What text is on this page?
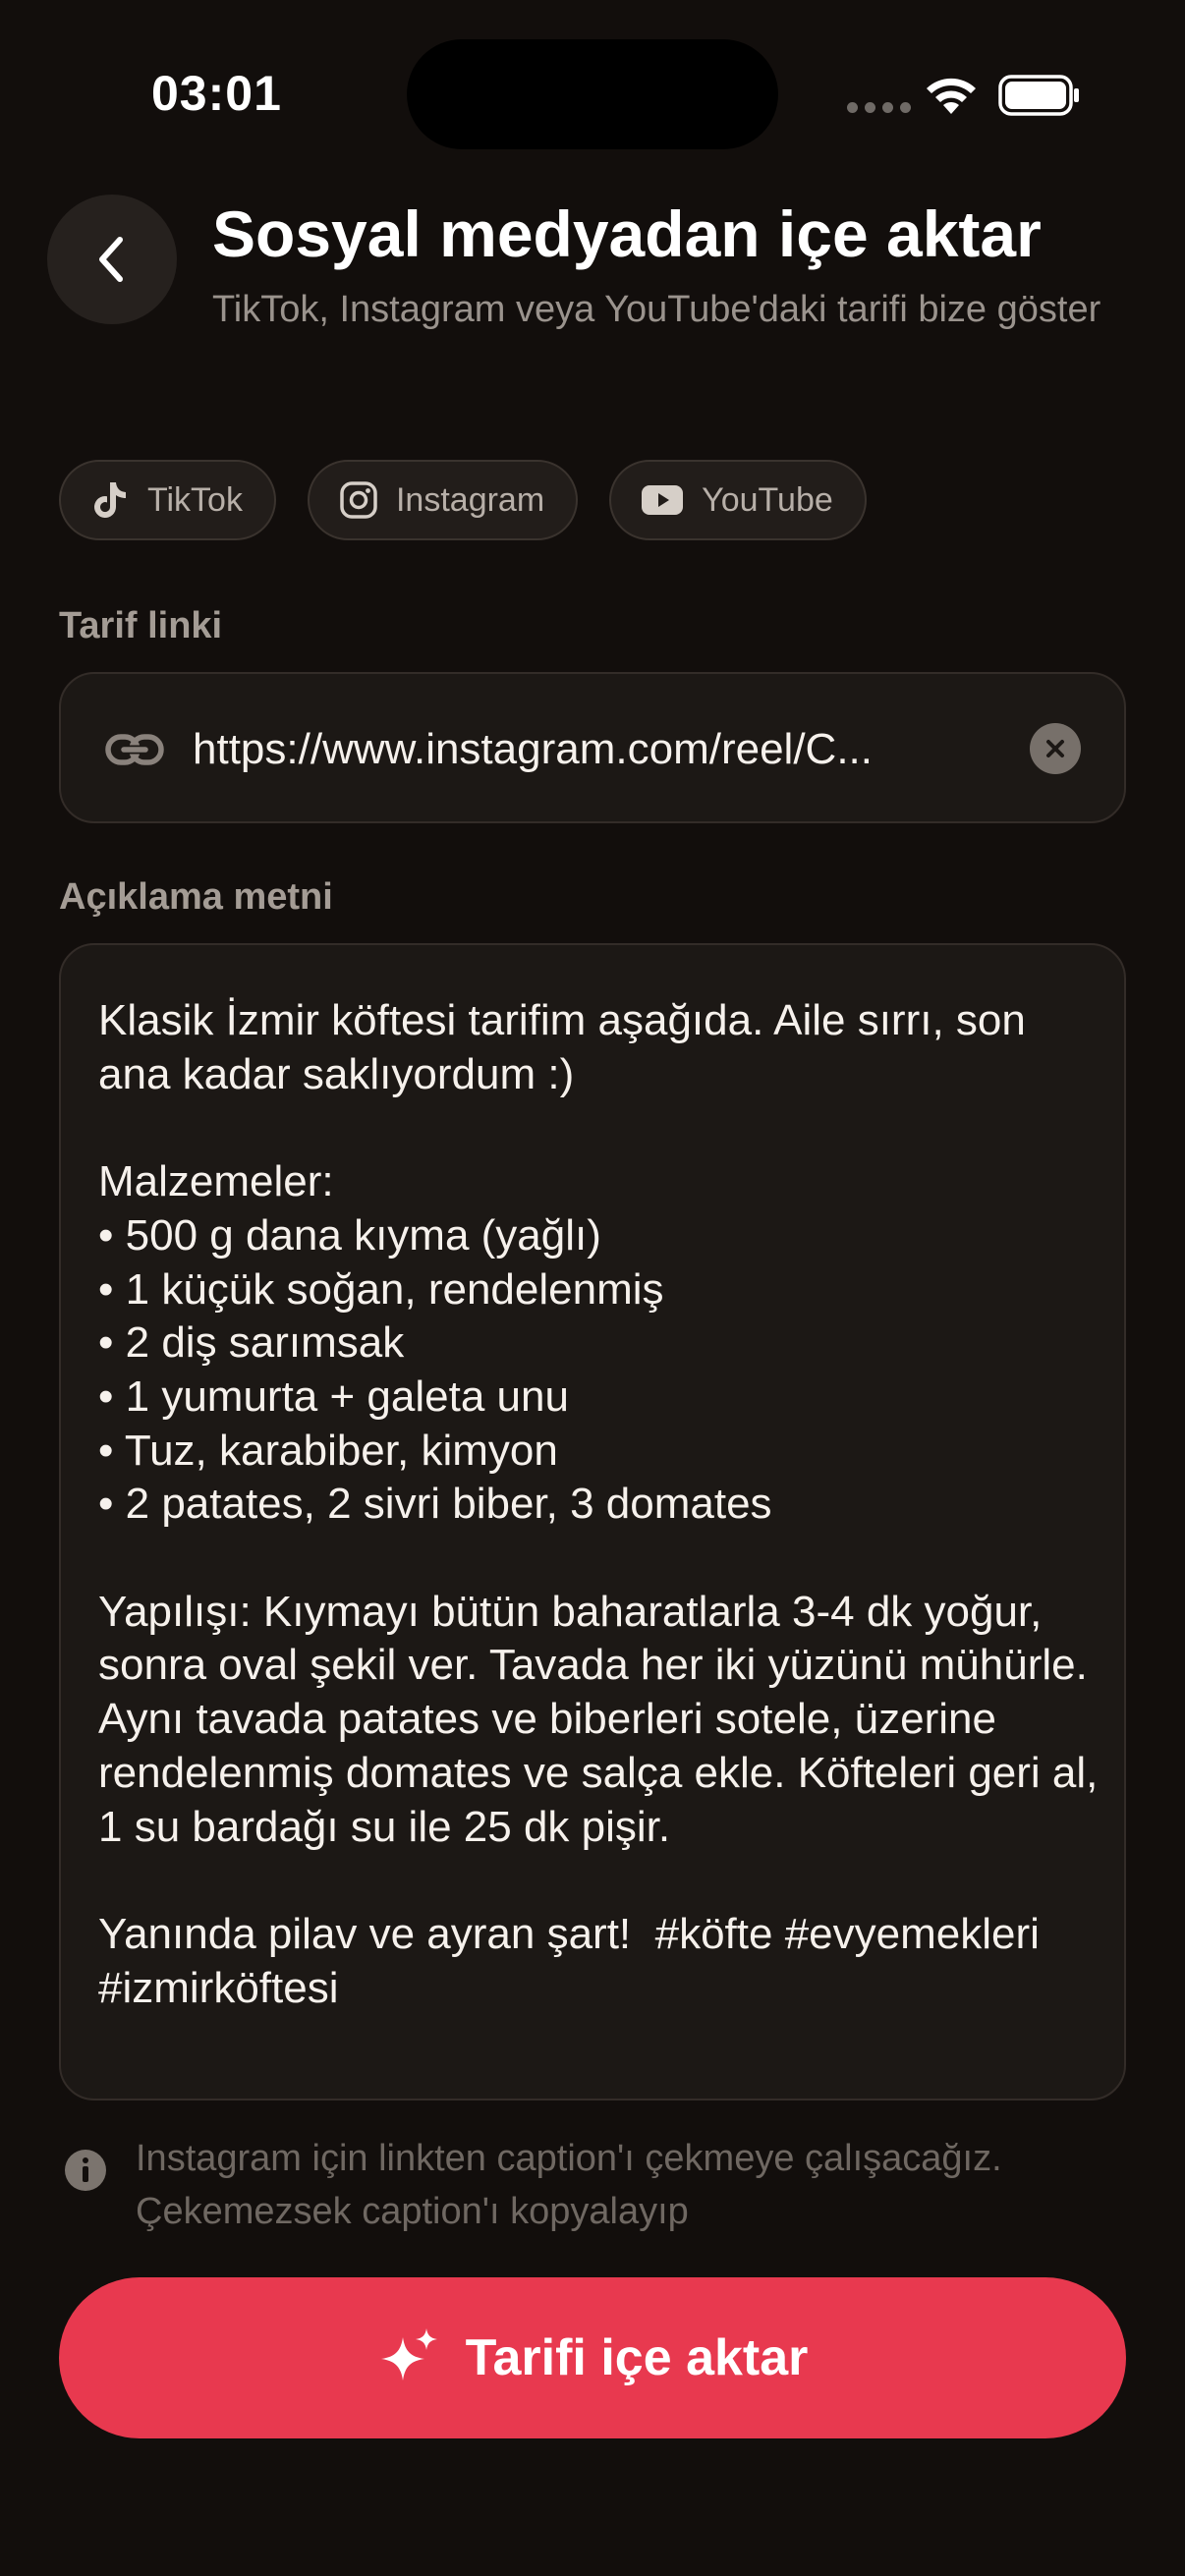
03:01
Sosyal medyadan içe aktar
TikTok, Instagram veya YouTube'daki tarifi bize göster
TikTok	Instagram	YouTube
Tarif linki
https://www.instagram.com/reel/C...
Açıklama metni

Klasik İzmir köftesi tarifim aşağıda. Aile sırrı, son ana kadar saklıyordum :)

Malzemeler:
• 500 g dana kıyma (yağlı)
• 1 küçük soğan, rendelenmiş
• 2 diş sarımsak
• 1 yumurta + galeta unu
• Tuz, karabiber, kimyon
• 2 patates, 2 sivri biber, 3 domates

Yapılışı: Kıymayı bütün baharatlarla 3-4 dk yoğur, sonra oval şekil ver. Tavada her iki yüzünü mühürle. Aynı tavada patates ve biberleri sotele, üzerine rendelenmiş domates ve salça ekle. Köfteleri geri al, 1 su bardağı su ile 25 dk pişir.

Yanında pilav ve ayran şart!  #köfte #evyemekleri #izmirköftesi

Instagram için linkten caption'ı çekmeye çalışacağız. Çekemezsek caption'ı kopyalayıp
Tarifi içe aktar
